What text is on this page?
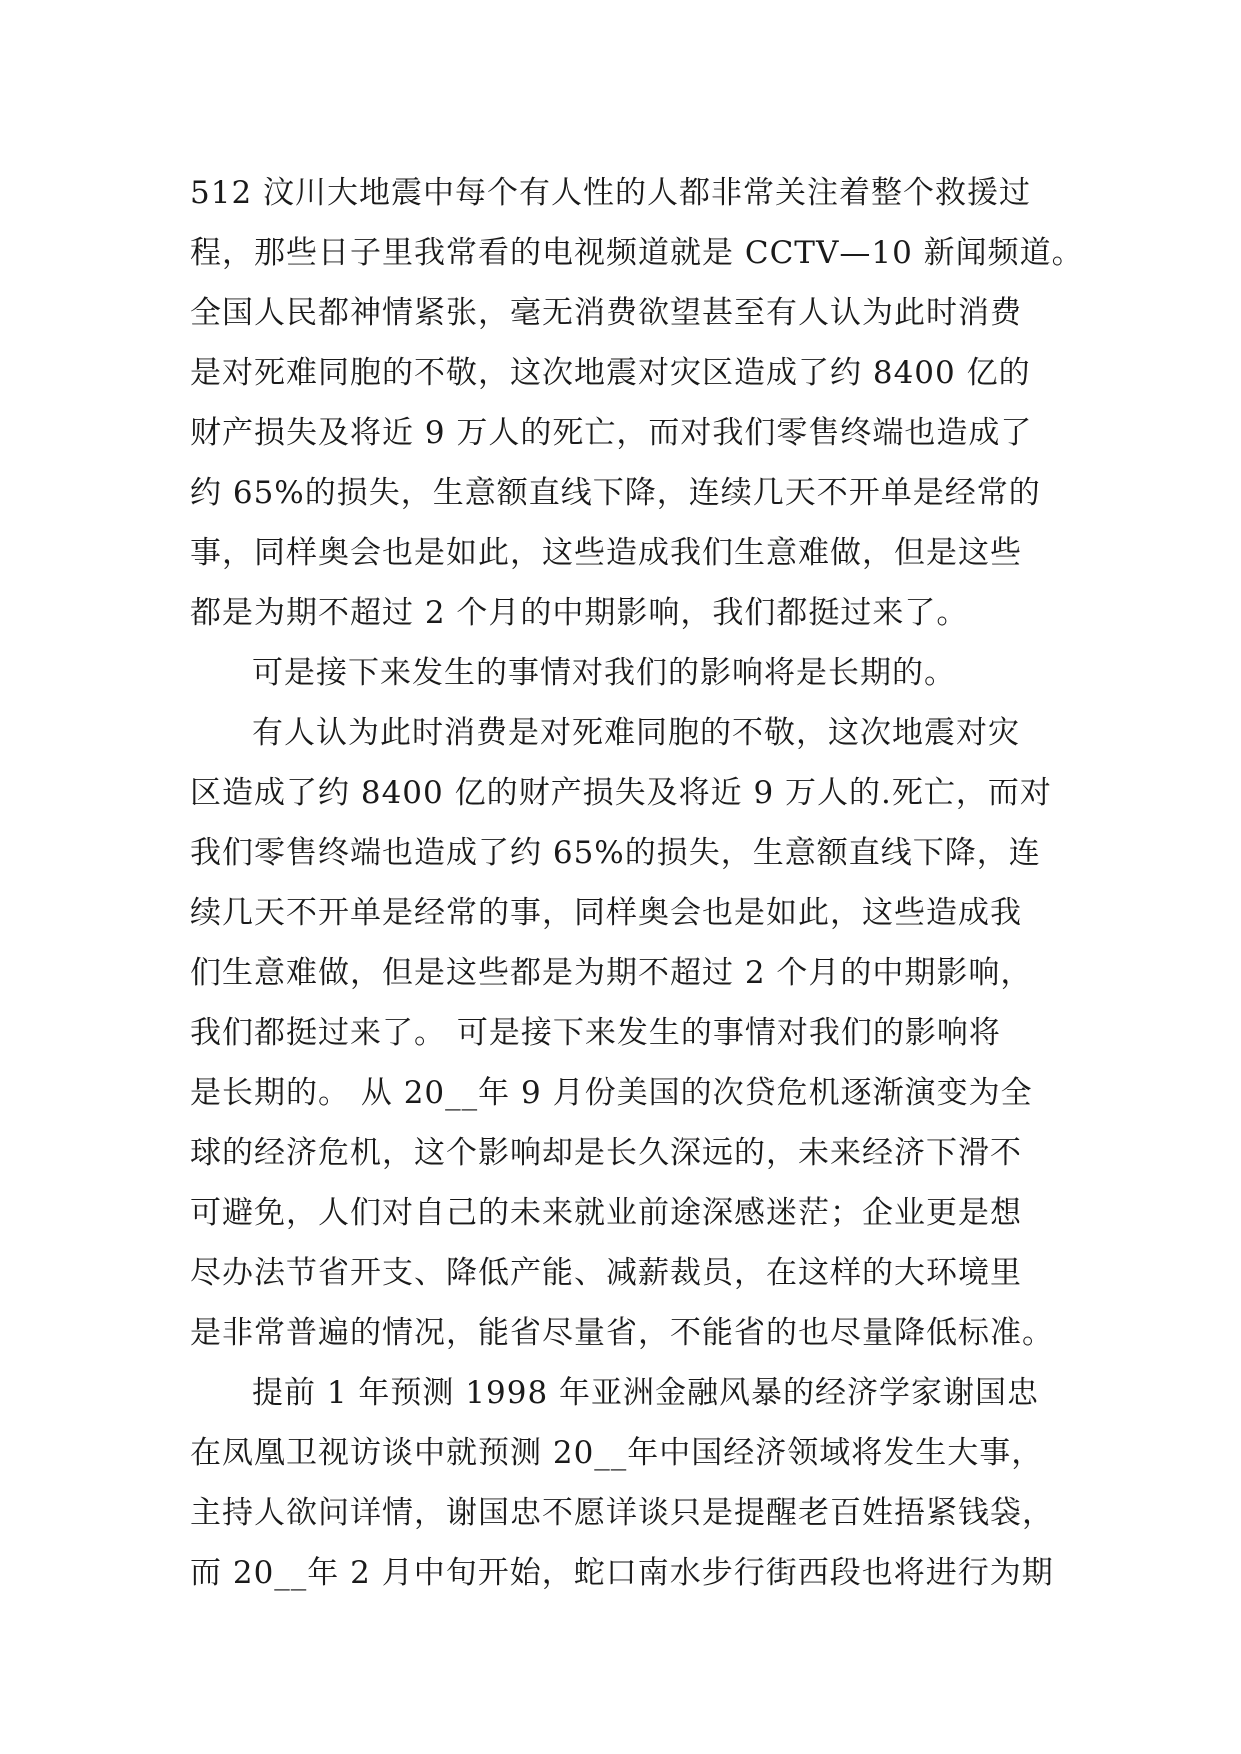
512 汶川大地震中每个有人性的人都非常关注着整个救援过
程，那些日子里我常看的电视频道就是 CCTV—10 新闻频道。
全国人民都神情紧张，毫无消费欲望甚至有人认为此时消费
是对死难同胞的不敬，这次地震对灾区造成了约 8400 亿的
财产损失及将近 9 万人的死亡，而对我们零售终端也造成了
约 65%的损失，生意额直线下降，连续几天不开单是经常的
事，同样奥会也是如此，这些造成我们生意难做，但是这些
都是为期不超过 2 个月的中期影响，我们都挺过来了。
可是接下来发生的事情对我们的影响将是长期的。
有人认为此时消费是对死难同胞的不敬，这次地震对灾
区造成了约 8400 亿的财产损失及将近 9 万人的.死亡，而对
我们零售终端也造成了约 65%的损失，生意额直线下降，连
续几天不开单是经常的事，同样奥会也是如此，这些造成我
们生意难做，但是这些都是为期不超过 2 个月的中期影响，
我们都挺过来了。 可是接下来发生的事情对我们的影响将
是长期的。 从 20__年 9 月份美国的次贷危机逐渐演变为全
球的经济危机，这个影响却是长久深远的，未来经济下滑不
可避免，人们对自己的未来就业前途深感迷茫；企业更是想
尽办法节省开支、降低产能、减薪裁员，在这样的大环境里
是非常普遍的情况，能省尽量省，不能省的也尽量降低标准。
提前 1 年预测 1998 年亚洲金融风暴的经济学家谢国忠
在凤凰卫视访谈中就预测 20__年中国经济领域将发生大事，
主持人欲问详情，谢国忠不愿详谈只是提醒老百姓捂紧钱袋，
而 20__年 2 月中旬开始，蛇口南水步行街西段也将进行为期
